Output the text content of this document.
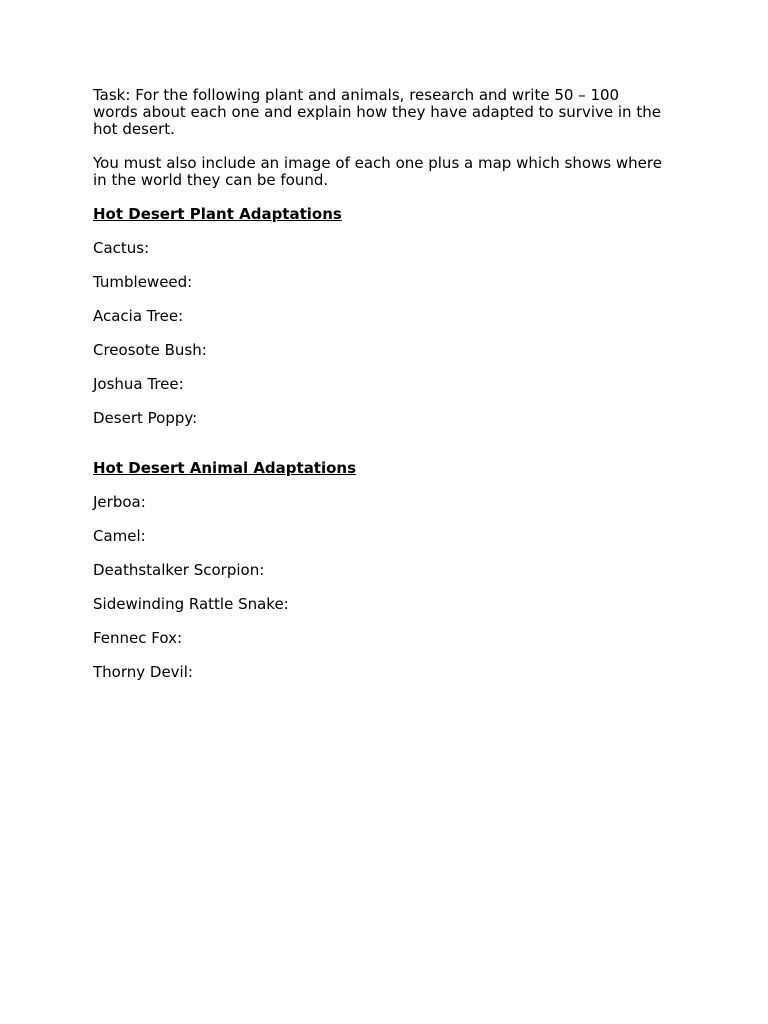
Task: For the following plant and animals, research and write 50 – 100 words about each one and explain how they have adapted to survive in the hot desert.

You must also include an image of each one plus a map which shows where in the world they can be found.

Hot Desert Plant Adaptations
Cactus:
Tumbleweed:
Acacia Tree:
Creosote Bush:
Joshua Tree:
Desert Poppy:
Hot Desert Animal Adaptations
Jerboa:
Camel:
Deathstalker Scorpion:
Sidewinding Rattle Snake:
Fennec Fox:
Thorny Devil:
